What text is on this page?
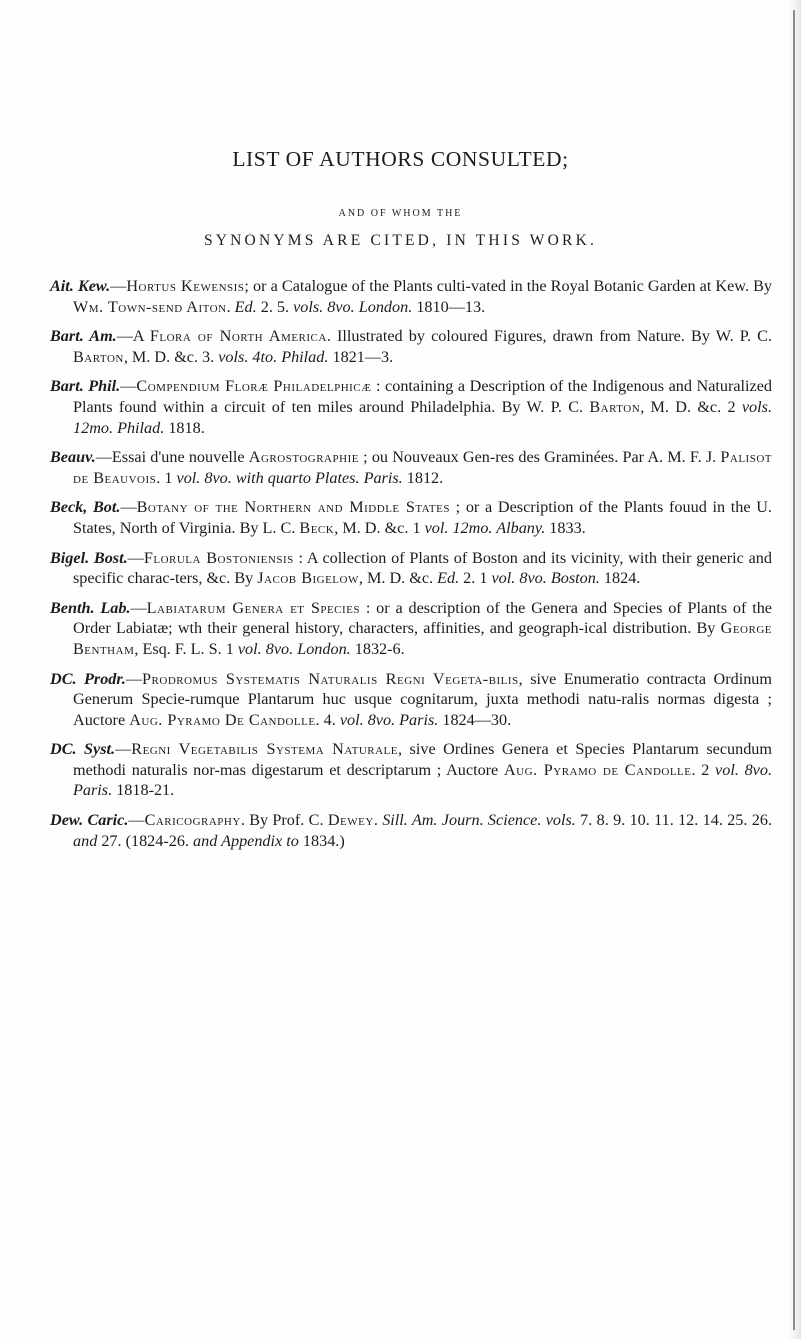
LIST OF AUTHORS CONSULTED;
AND OF WHOM THE
SYNONYMS ARE CITED, IN THIS WORK.

Ait. Kew.—Hortus Kewensis; or a Catalogue of the Plants culti-vated in the Royal Botanic Garden at Kew. By Wm. Town-send Aiton. Ed. 2. 5. vols. 8vo. London. 1810—13.

Bart. Am.—A Flora of North America. Illustrated by coloured Figures, drawn from Nature. By W. P. C. Barton, M. D. &c. 3. vols. 4to. Philad. 1821—3.

Bart. Phil.—Compendium Floræ Philadelphicæ : containing a Description of the Indigenous and Naturalized Plants found within a circuit of ten miles around Philadelphia. By W. P. C. Barton, M. D. &c. 2 vols. 12mo. Philad. 1818.

Beauv.—Essai d'une nouvelle Agrostographie ; ou Nouveaux Gen-res des Graminées. Par A. M. F. J. Palisot de Beauvois. 1 vol. 8vo. with quarto Plates. Paris. 1812.

Beck, Bot.—Botany of the Northern and Middle States ; or a Description of the Plants fouud in the U. States, North of Virginia. By L. C. Beck, M. D. &c. 1 vol. 12mo. Albany. 1833.

Bigel. Bost.—Florula Bostoniensis : A collection of Plants of Boston and its vicinity, with their generic and specific charac-ters, &c. By Jacob Bigelow, M. D. &c. Ed. 2. 1 vol. 8vo. Boston. 1824.

Benth. Lab.—Labiatarum Genera et Species : or a description of the Genera and Species of Plants of the Order Labiatæ; wth their general history, characters, affinities, and geograph-ical distribution. By George Bentham, Esq. F. L. S. 1 vol. 8vo. London. 1832-6.

DC. Prodr.—Prodromus Systematis Naturalis Regni Vegeta-bilis, sive Enumeratio contracta Ordinum Generum Specie-rumque Plantarum huc usque cognitarum, juxta methodi natu-ralis normas digesta ; Auctore Aug. Pyramo De Candolle. 4. vol. 8vo. Paris. 1824—30.

DC. Syst.—Regni Vegetabilis Systema Naturale, sive Ordines Genera et Species Plantarum secundum methodi naturalis nor-mas digestarum et descriptarum ; Auctore Aug. Pyramo de Candolle. 2 vol. 8vo. Paris. 1818-21.

Dew. Caric.—Caricography. By Prof. C. Dewey. Sill. Am. Journ. Science. vols. 7. 8. 9. 10. 11. 12. 14. 25. 26. and 27. (1824-26. and Appendix to 1834.)
